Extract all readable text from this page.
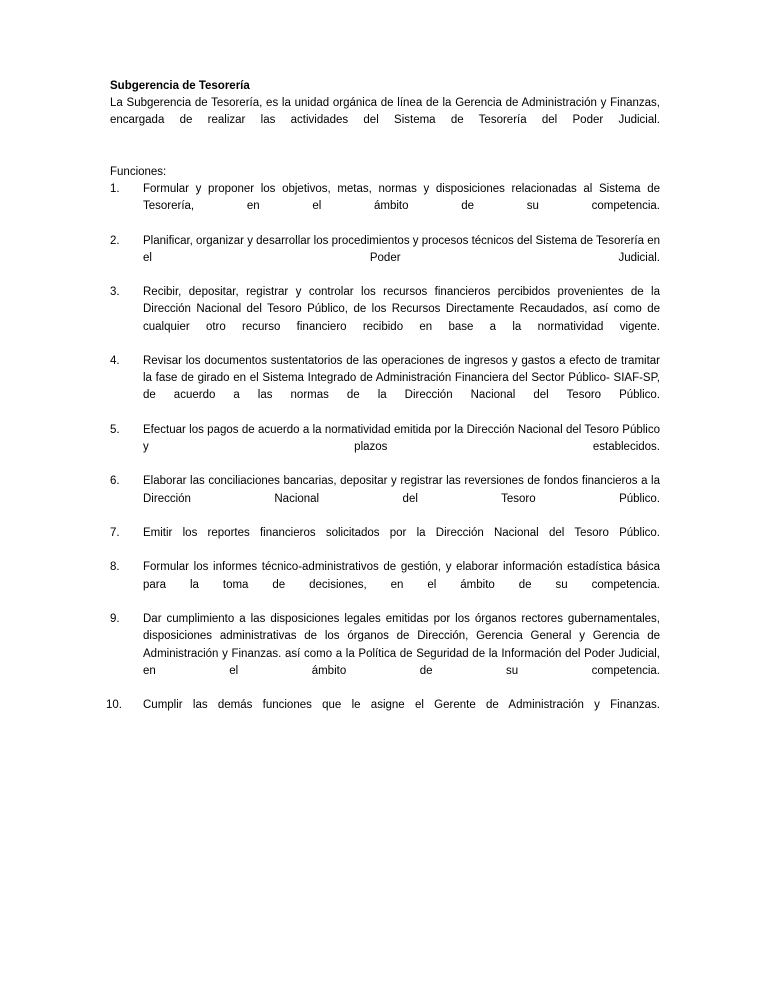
Subgerencia de Tesorería

La Subgerencia de Tesorería, es la unidad orgánica de línea de la Gerencia de Administración y Finanzas, encargada de realizar las actividades del Sistema de Tesorería del Poder Judicial.

Funciones:

1.	Formular y proponer los objetivos, metas, normas y disposiciones relacionadas al Sistema de Tesorería, en el ámbito de su competencia.
2.	Planificar, organizar y desarrollar los procedimientos y procesos técnicos del Sistema de Tesorería en el Poder Judicial.
3.	Recibir, depositar, registrar y controlar los recursos financieros percibidos provenientes de la Dirección Nacional del Tesoro Público, de los Recursos Directamente Recaudados, así como de cualquier otro recurso financiero recibido en base a la normatividad vigente.
4.	Revisar los documentos sustentatorios de las operaciones de ingresos y gastos a efecto de tramitar la fase de girado en el Sistema Integrado de Administración Financiera del Sector Público- SIAF-SP, de acuerdo a las normas de la Dirección Nacional del Tesoro Público.
5.	Efectuar los pagos de acuerdo a la normatividad emitida por la Dirección Nacional del Tesoro Público y plazos establecidos.
6.	Elaborar las conciliaciones bancarias, depositar y registrar las reversiones de fondos financieros a la Dirección Nacional del Tesoro Público.
7.	Emitir los reportes financieros solicitados por la Dirección Nacional del Tesoro Público.
8.	Formular los informes técnico-administrativos de gestión, y elaborar información estadística básica para la toma de decisiones, en el ámbito de su competencia.
9.	Dar cumplimiento a las disposiciones legales emitidas por los órganos rectores gubernamentales, disposiciones administrativas de los órganos de Dirección, Gerencia General y Gerencia de Administración y Finanzas. así como a la Política de Seguridad de la Información del Poder Judicial, en el ámbito de su competencia.
10.	Cumplir las demás funciones que le asigne el Gerente de Administración y Finanzas.
